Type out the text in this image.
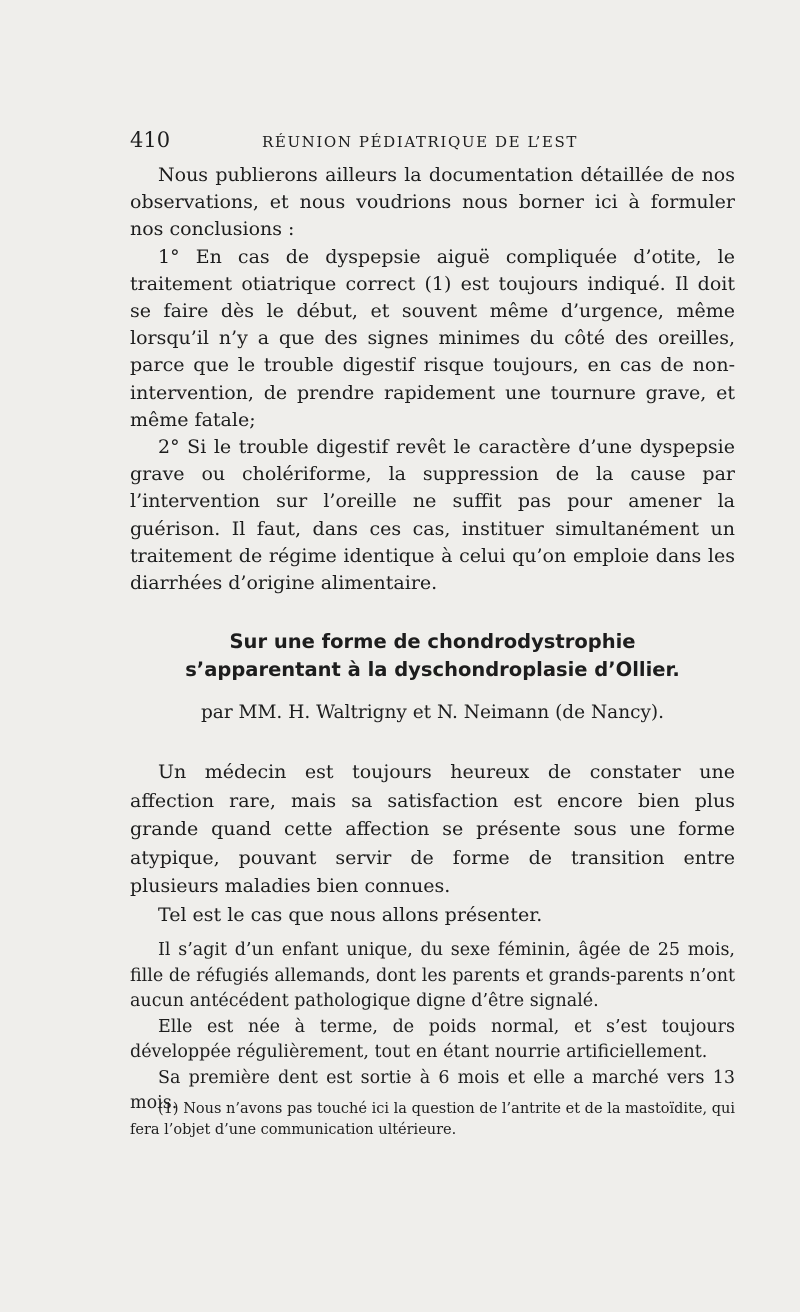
410	RÉUNION PÉDIATRIQUE DE L’EST

Nous publierons ailleurs la documentation détaillée de nos observations, et nous voudrions nous borner ici à formuler nos conclusions :

1° En cas de dyspepsie aiguë compliquée d’otite, le traitement otiatrique correct (1) est toujours indiqué. Il doit se faire dès le début, et souvent même d’urgence, même lorsqu’il n’y a que des signes minimes du côté des oreilles, parce que le trouble digestif risque toujours, en cas de non-intervention, de prendre rapidement une tournure grave, et même fatale;

2° Si le trouble digestif revêt le caractère d’une dyspepsie grave ou cholériforme, la suppression de la cause par l’intervention sur l’oreille ne suffit pas pour amener la guérison. Il faut, dans ces cas, instituer simultanément un traitement de régime identique à celui qu’on emploie dans les diarrhées d’origine alimentaire.

Sur une forme de chondrodystrophie
s’apparentant à la dyschondroplasie d’Ollier.
par MM. H. Waltrigny et N. Neimann (de Nancy).

Un médecin est toujours heureux de constater une affection rare, mais sa satisfaction est encore bien plus grande quand cette affection se présente sous une forme atypique, pouvant servir de forme de transition entre plusieurs maladies bien connues.

Tel est le cas que nous allons présenter.

Il s’agit d’un enfant unique, du sexe féminin, âgée de 25 mois, fille de réfugiés allemands, dont les parents et grands-parents n’ont aucun antécédent pathologique digne d’être signalé.

Elle est née à terme, de poids normal, et s’est toujours développée régulièrement, tout en étant nourrie artificiellement.

Sa première dent est sortie à 6 mois et elle a marché vers 13 mois.

(1) Nous n’avons pas touché ici la question de l’antrite et de la mastoïdite, qui fera l’objet d’une communication ultérieure.
